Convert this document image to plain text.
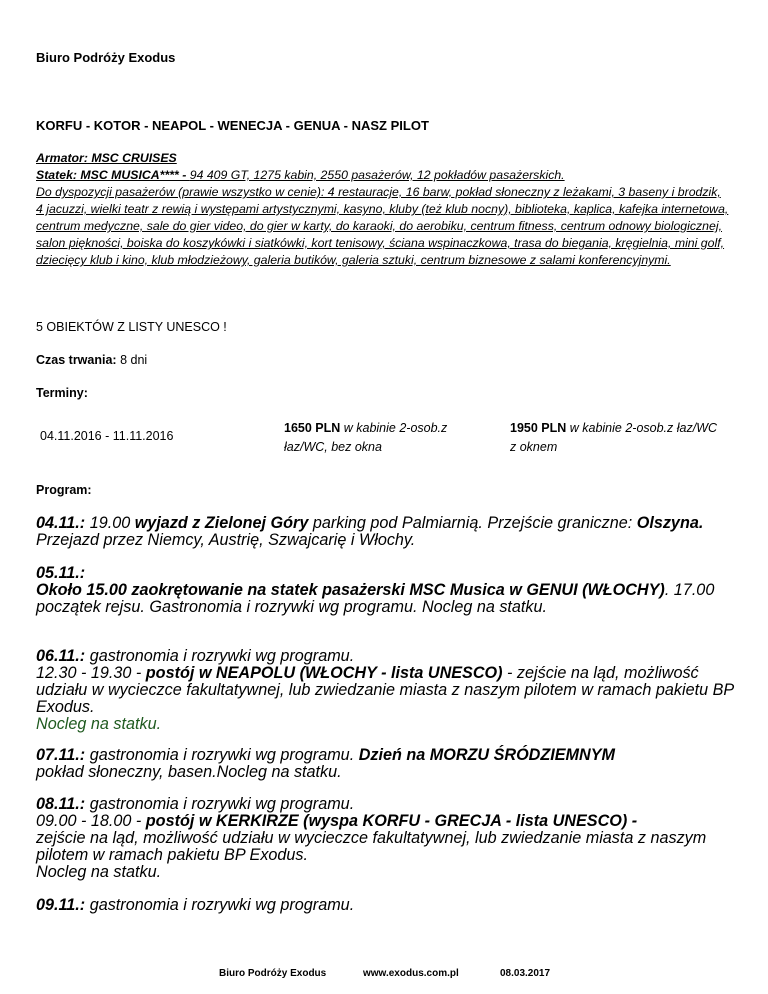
Biuro Podróży Exodus
KORFU - KOTOR - NEAPOL - WENECJA - GENUA - NASZ PILOT
Armator: MSC CRUISES
Statek: MSC MUSICA**** - 94 409 GT, 1275 kabin, 2550 pasażerów, 12 pokładów pasażerskich.
Do dyspozycji pasażerów (prawie wszystko w cenie): 4 restauracje, 16 barw, pokład słoneczny z leżakami, 3 baseny i brodzik, 4 jacuzzi, wielki teatr z rewią i występami artystycznymi, kasyno, kluby (też klub nocny), biblioteka, kaplica, kafejka internetowa, centrum medyczne, sale do gier video, do gier w karty, do karaoki, do aerobiku, centrum fitness, centrum odnowy biologicznej, salon piękności, boiska do koszykówki i siatkówki, kort tenisowy, ściana wspinaczkowa, trasa do biegania, kręgielnia, mini golf, dziecięcy klub i kino, klub młodzieżowy, galeria butików, galeria sztuki, centrum biznesowe z salami konferencyjnymi.
5 OBIEKTÓW Z LISTY UNESCO !
Czas trwania: 8 dni
Terminy:
04.11.2016 - 11.11.2016
1650 PLN w kabinie 2-osob.z łaz/WC, bez okna
1950 PLN w kabinie 2-osob.z łaz/WC z oknem
Program:
04.11.: 19.00 wyjazd z Zielonej Góry parking pod Palmiarnią. Przejście graniczne: Olszyna. Przejazd przez Niemcy, Austrię, Szwajcarię i Włochy.
05.11.:
Około 15.00 zaokrętowanie na statek pasażerski MSC Musica w GENUI (WŁOCHY). 17.00 początek rejsu. Gastronomia i rozrywki wg programu. Nocleg na statku.
06.11.: gastronomia i rozrywki wg programu.
12.30 - 19.30 - postój w NEAPOLU (WŁOCHY - lista UNESCO) - zejście na ląd, możliwość udziału w wycieczce fakultatywnej, lub zwiedzanie miasta z naszym pilotem w ramach pakietu BP Exodus.
Nocleg na statku.
07.11.: gastronomia i rozrywki wg programu. Dzień na MORZU ŚRÓDZIEMNYM
pokład słoneczny, basen.Nocleg na statku.
08.11.: gastronomia i rozrywki wg programu.
09.00 - 18.00 - postój w KERKIRZE (wyspa KORFU - GRECJA - lista UNESCO) -
zejście na ląd, możliwość udziału w wycieczce fakultatywnej, lub zwiedzanie miasta z naszym pilotem w ramach pakietu BP Exodus.
Nocleg na statku.
09.11.: gastronomia i rozrywki wg programu.
Biuro Podróży Exodus	www.exodus.com.pl	08.03.2017
